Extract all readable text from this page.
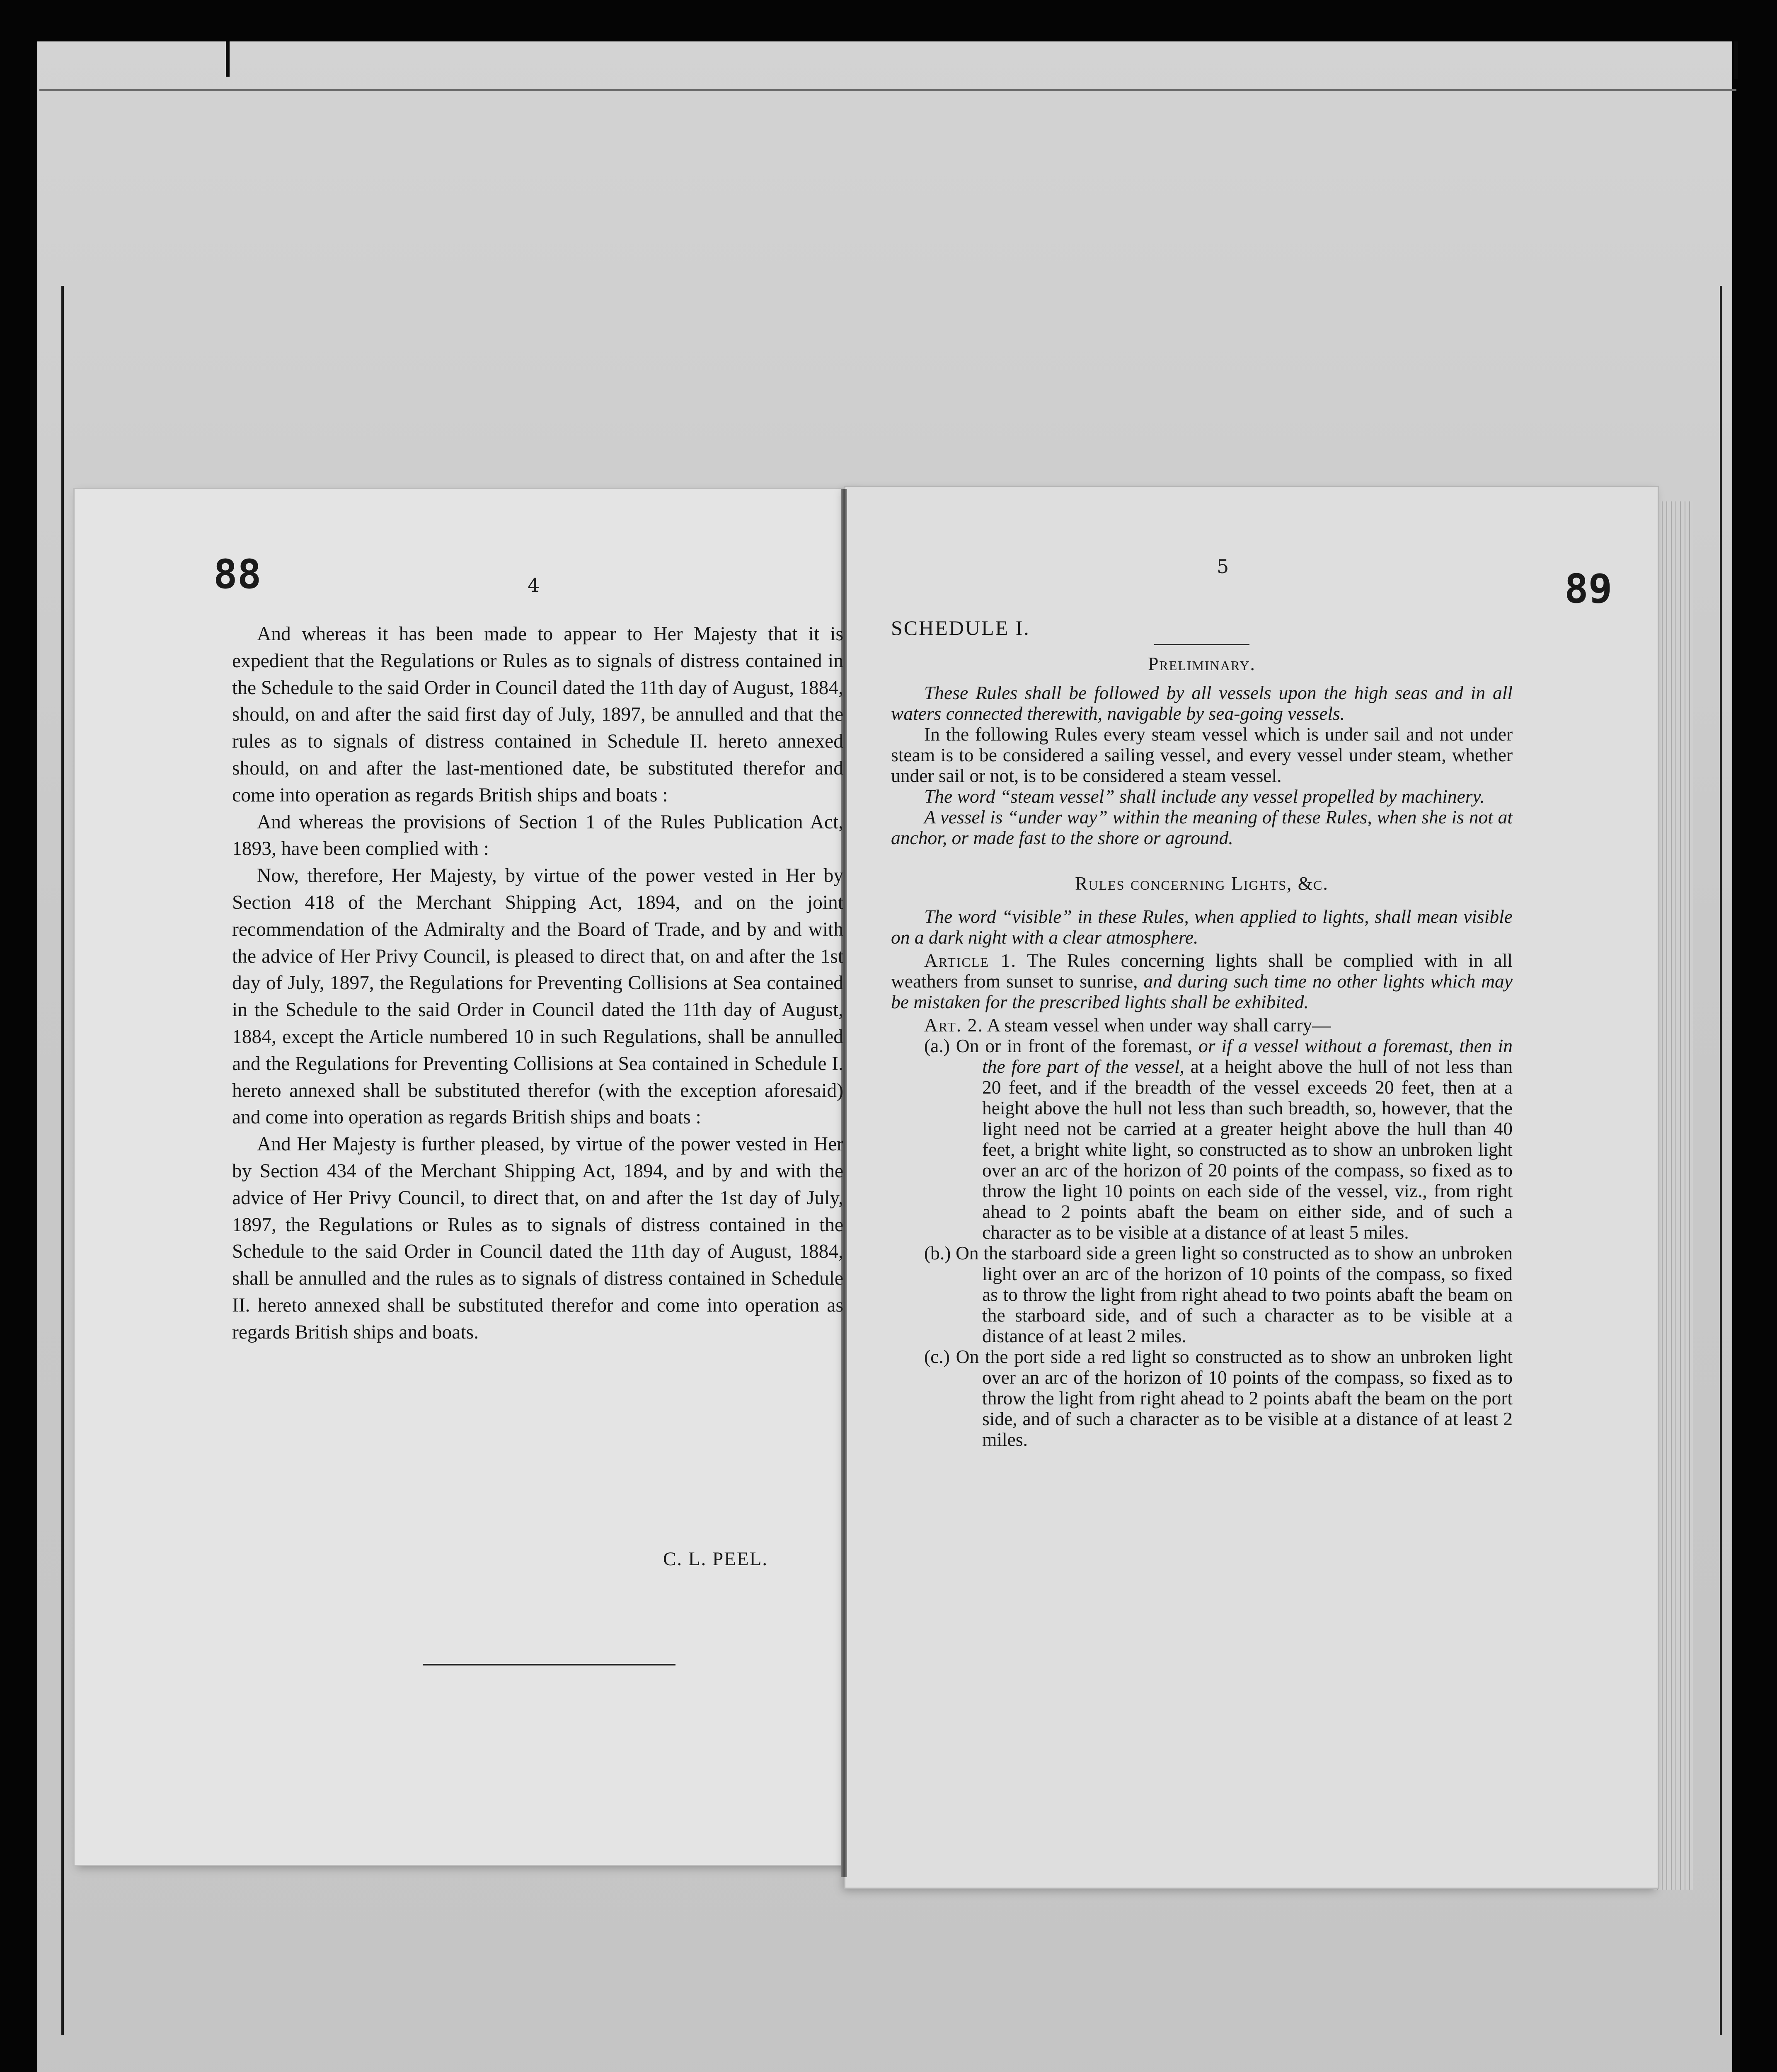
88	89
4
5

And whereas it has been made to appear to Her Majesty that it is expedient that the Regulations or Rules as to signals of distress contained in the Schedule to the said Order in Council dated the 11th day of August, 1884, should, on and after the said first day of July, 1897, be annulled and that the rules as to signals of distress contained in Schedule II. hereto annexed should, on and after the last-mentioned date, be substituted therefor and come into operation as regards British ships and boats :

And whereas the provisions of Section 1 of the Rules Publication Act, 1893, have been complied with :

Now, therefore, Her Majesty, by virtue of the power vested in Her by Section 418 of the Merchant Shipping Act, 1894, and on the joint recommendation of the Admiralty and the Board of Trade, and by and with the advice of Her Privy Council, is pleased to direct that, on and after the 1st day of July, 1897, the Regulations for Preventing Collisions at Sea contained in the Schedule to the said Order in Council dated the 11th day of August, 1884, except the Article numbered 10 in such Regulations, shall be annulled and the Regulations for Preventing Collisions at Sea contained in Schedule I. hereto annexed shall be substituted therefor (with the exception aforesaid) and come into operation as regards British ships and boats :

And Her Majesty is further pleased, by virtue of the power vested in Her by Section 434 of the Merchant Shipping Act, 1894, and by and with the advice of Her Privy Council, to direct that, on and after the 1st day of July, 1897, the Regulations or Rules as to signals of distress contained in the Schedule to the said Order in Council dated the 11th day of August, 1884, shall be annulled and the rules as to signals of distress contained in Schedule II. hereto annexed shall be substituted therefor and come into operation as regards British ships and boats.

C. L. PEEL.

SCHEDULE I.

Preliminary.

These Rules shall be followed by all vessels upon the high seas and in all waters connected therewith, navigable by sea-going vessels.

In the following Rules every steam vessel which is under sail and not under steam is to be considered a sailing vessel, and every vessel under steam, whether under sail or not, is to be considered a steam vessel.

The word “steam vessel” shall include any vessel propelled by machinery.

A vessel is “under way” within the meaning of these Rules, when she is not at anchor, or made fast to the shore or aground.

Rules concerning Lights, &c.

The word “visible” in these Rules, when applied to lights, shall mean visible on a dark night with a clear atmosphere.

Article 1. The Rules concerning lights shall be complied with in all weathers from sunset to sunrise, and during such time no other lights which may be mistaken for the prescribed lights shall be exhibited.

Art. 2. A steam vessel when under way shall carry—

(a.) On or in front of the foremast, or if a vessel without a foremast, then in the fore part of the vessel, at a height above the hull of not less than 20 feet, and if the breadth of the vessel exceeds 20 feet, then at a height above the hull not less than such breadth, so, however, that the light need not be carried at a greater height above the hull than 40 feet, a bright white light, so constructed as to show an unbroken light over an arc of the horizon of 20 points of the compass, so fixed as to throw the light 10 points on each side of the vessel, viz., from right ahead to 2 points abaft the beam on either side, and of such a character as to be visible at a distance of at least 5 miles.

(b.) On the starboard side a green light so constructed as to show an unbroken light over an arc of the horizon of 10 points of the compass, so fixed as to throw the light from right ahead to two points abaft the beam on the starboard side, and of such a character as to be visible at a distance of at least 2 miles.

(c.) On the port side a red light so constructed as to show an unbroken light over an arc of the horizon of 10 points of the compass, so fixed as to throw the light from right ahead to 2 points abaft the beam on the port side, and of such a character as to be visible at a distance of at least 2 miles.
